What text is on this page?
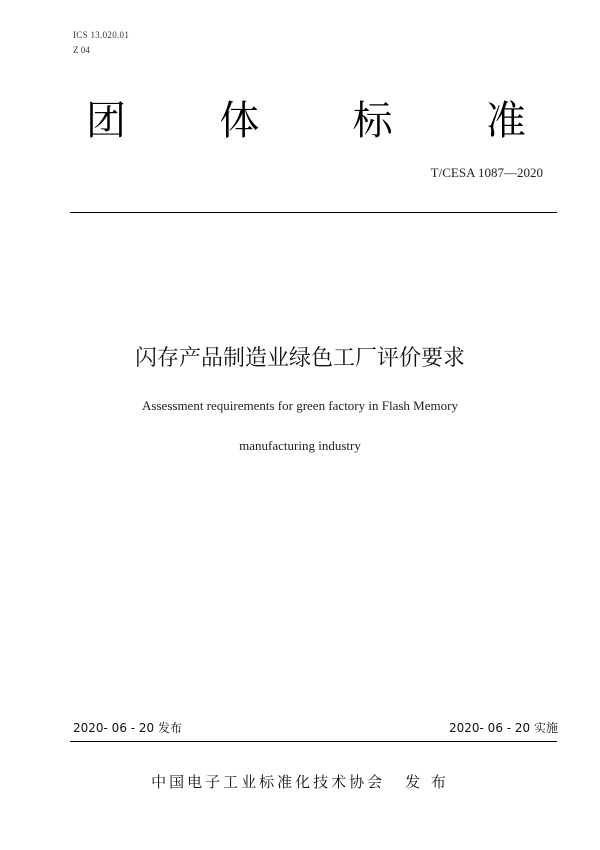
ICS 13.020.01
Z 04
团 体 标 准
T/CESA 1087—2020
闪存产品制造业绿色工厂评价要求
Assessment requirements for green factory in Flash Memory
manufacturing industry
2020- 06 - 20 发布	2020- 06 - 20 实施
中国电子工业标准化技术协会 发 布
